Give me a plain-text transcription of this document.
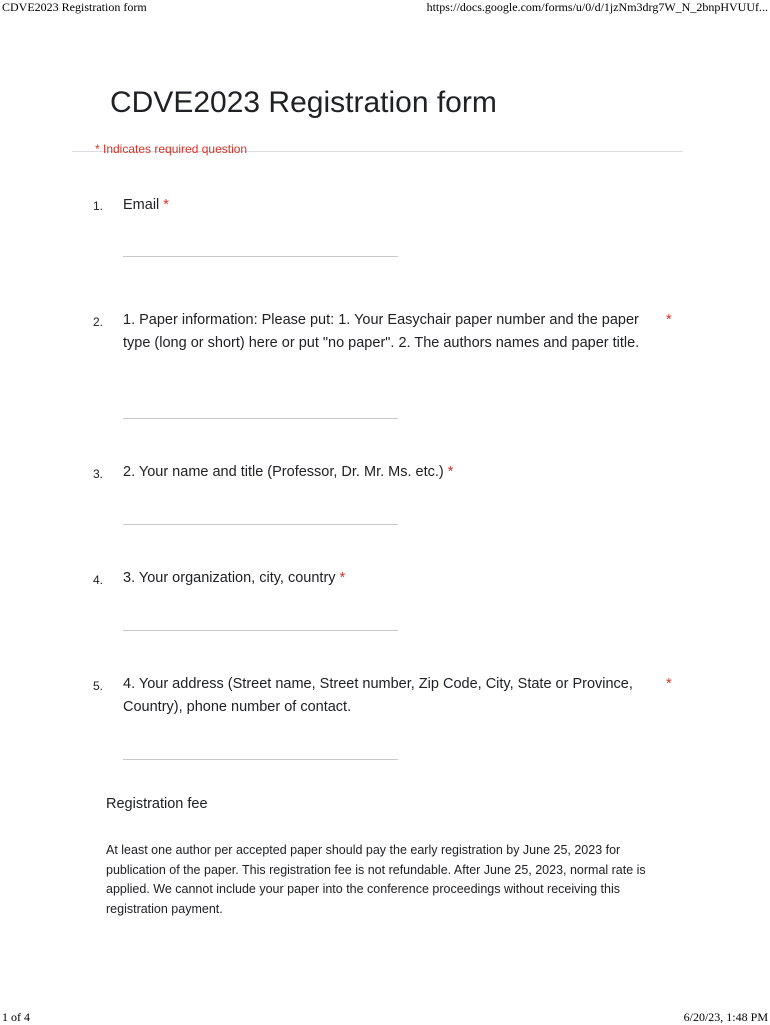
CDVE2023 Registration form	https://docs.google.com/forms/u/0/d/1jzNm3drg7W_N_2bnpHVUUf...
1 of 4	6/20/23, 1:48 PM
CDVE2023 Registration form
* Indicates required question
1. Email *
2. 1. Paper information: Please put: 1. Your Easychair paper number and the paper type (long or short) here or put "no paper". 2. The authors names and paper title.
*
3. 2. Your name and title (Professor, Dr. Mr. Ms. etc.) *
4. 3. Your organization, city, country *
5. 4. Your address (Street name, Street number, Zip Code, City, State or Province, Country), phone number of contact.
*
Registration fee
At least one author per accepted paper should pay the early registration by June 25, 2023 for publication of the paper. This registration fee is not refundable. After June 25, 2023, normal rate is applied. We cannot include your paper into the conference proceedings without receiving this registration payment.
